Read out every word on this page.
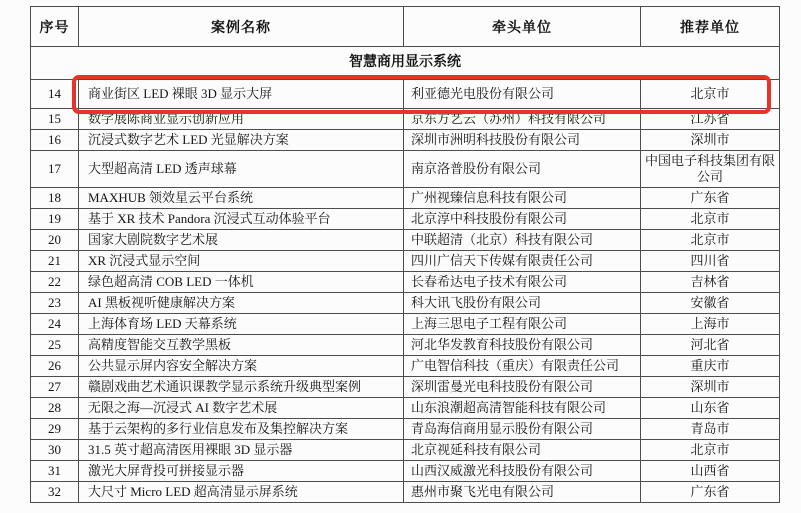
序号	案例名称	牵头单位	推荐单位
智慧商用显示系统			
14	商业街区 LED 裸眼 3D 显示大屏	利亚德光电股份有限公司	北京市
15	数字展陈商业显示创新应用	京东方艺云（苏州）科技有限公司	江苏省
16	沉浸式数字艺术 LED 光显解决方案	深圳市洲明科技股份有限公司	深圳市
17	大型超高清 LED 透声球幕	南京洛普股份有限公司	中国电子科技集团有限公司
18	MAXHUB 领效星云平台系统	广州视臻信息科技有限公司	广东省
19	基于 XR 技术 Pandora 沉浸式互动体验平台	北京淳中科技股份有限公司	北京市
20	国家大剧院数字艺术展	中联超清（北京）科技有限公司	北京市
21	XR 沉浸式显示空间	四川广信天下传媒有限责任公司	四川省
22	绿色超高清 COB LED 一体机	长春希达电子技术有限公司	吉林省
23	AI 黑板视听健康解决方案	科大讯飞股份有限公司	安徽省
24	上海体育场 LED 天幕系统	上海三思电子工程有限公司	上海市
25	高精度智能交互教学黑板	河北华发教育科技股份有限公司	河北省
26	公共显示屏内容安全解决方案	广电智信科技（重庆）有限责任公司	重庆市
27	赣剧戏曲艺术通识课教学显示系统升级典型案例	深圳雷曼光电科技股份有限公司	深圳市
28	无限之海—沉浸式 AI 数字艺术展	山东浪潮超高清智能科技有限公司	山东省
29	基于云架构的多行业信息发布及集控解决方案	青岛海信商用显示股份有限公司	青岛市
30	31.5 英寸超高清医用裸眼 3D 显示器	北京视延科技有限公司	北京市
31	激光大屏背投可拼接显示器	山西汉威激光科技股份有限公司	山西省
32	大尺寸 Micro LED 超高清显示屏系统	惠州市聚飞光电有限公司	广东省
